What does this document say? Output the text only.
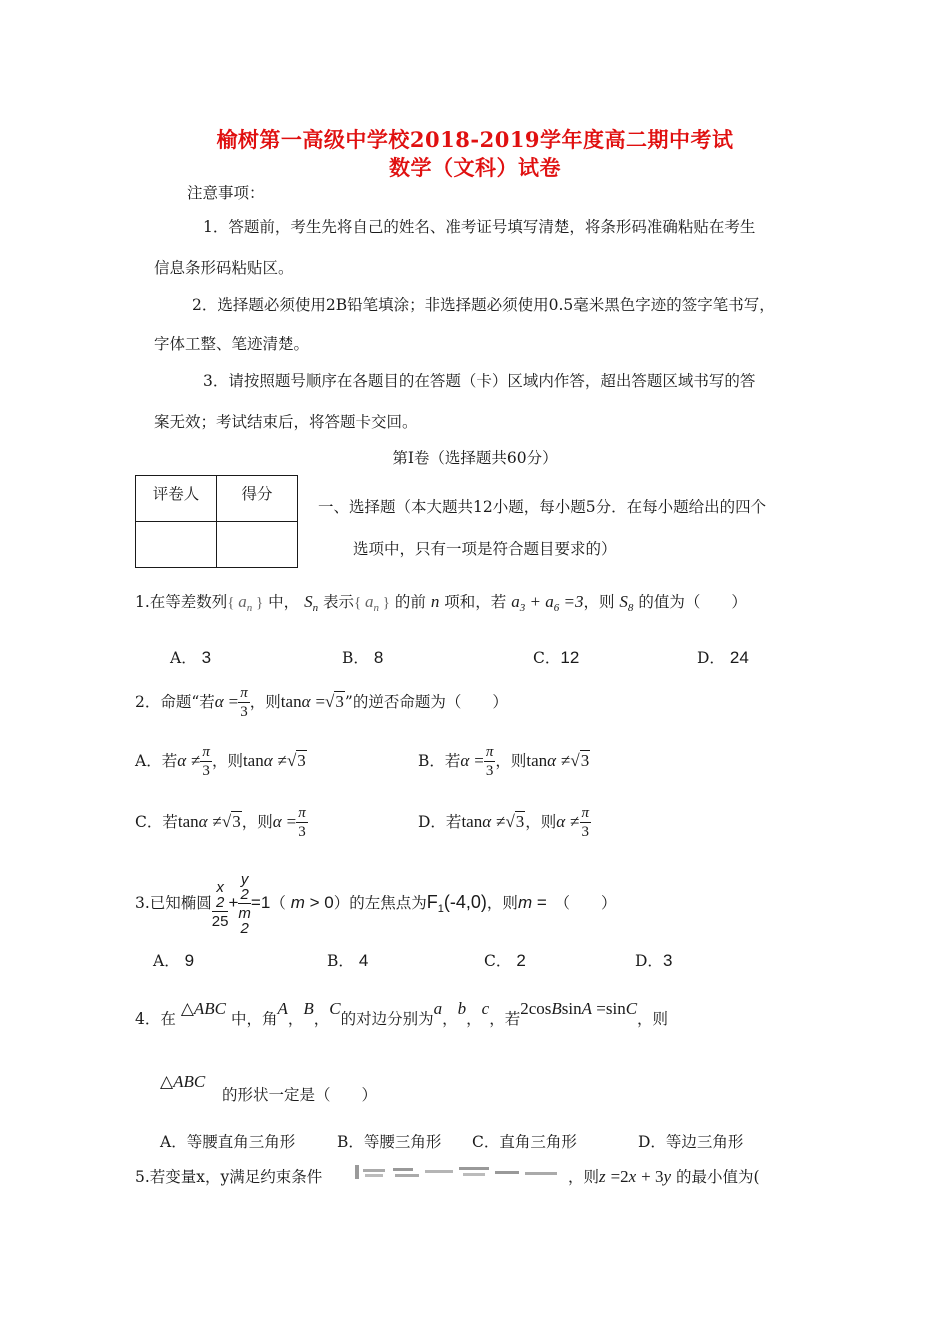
榆树第一高级中学校2018-2019学年度高二期中考试
数学（文科）试卷
注意事项：
1．答题前，考生先将自己的姓名、准考证号填写清楚，将条形码准确粘贴在考生
信息条形码粘贴区。
2．选择题必须使用2B铅笔填涂；非选择题必须使用0.5毫米黑色字迹的签字笔书写，
字体工整、笔迹清楚。
3．请按照题号顺序在各题目的在答题（卡）区域内作答，超出答题区域书写的答
案无效；考试结束后，将答题卡交回。
第Ⅰ卷（选择题共60分）
评卷人	得分

一、选择题（本大题共12小题，每小题5分．在每小题给出的四个
选项中，只有一项是符合题目要求的）
1.在等差数列{ $a_n$ } 中， $S_n$ 表示{ $a_n$ } 的前 n 项和，若 $a_3 + a_6 =3$，则 $S_8$ 的值为（　　）
A． 3	B． 8	C．12	D． 24
2．命题“若$\alpha = \frac{\pi}{3}$ ，则tanα =√3”的逆否命题为（　　）
A．若$\alpha \ne \frac{\pi}{3}$ ，则tanα ≠√3	B．若$\alpha = \frac{\pi}{3}$ ，则tanα ≠√3
C．若tanα ≠√3，则$\alpha = \frac{\pi}{3}$	D．若tanα ≠√3，则$\alpha \ne \frac{\pi}{3}$
3.已知椭圆 x
2
25 + y
2
m
2 =1（ m > 0）的左焦点为$F_1(-4,0)$，则m =　 （　　）
A． 9	B． 4	C． 2	D．3
4．在 △ABC 中，角A，B，C的对边分别为a，b，c，若2cosBsinA =sinC，则
△ABC
的形状一定是（　　）
A．等腰直角三角形	B．等腰三角形 C．直角三角形	D．等边三角形
5.若变量x，y满足约束条件	，则z =2x + 3y 的最小值为(
